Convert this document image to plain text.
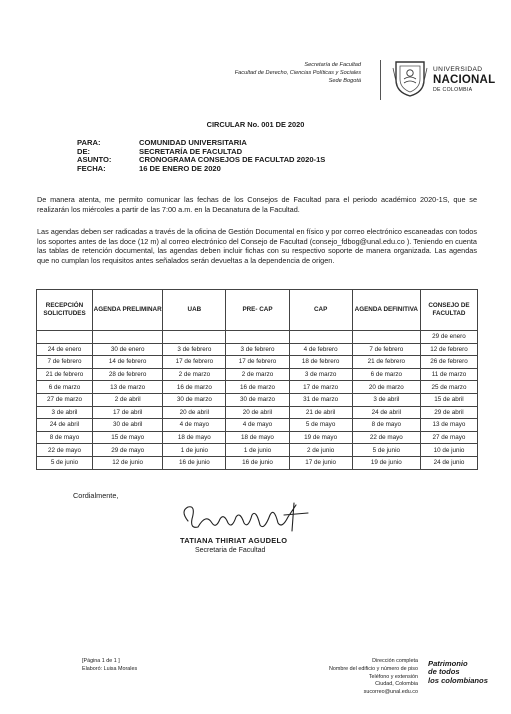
Secretaría de Facultad
Facultad de Derecho, Ciencias Políticas y Sociales
Sede Bogotá
UNIVERSIDAD
NACIONAL
DE COLOMBIA
CIRCULAR No. 001 DE 2020
PARA:	COMUNIDAD UNIVERSITARIA
DE:	SECRETARÍA DE FACULTAD
ASUNTO:	CRONOGRAMA CONSEJOS DE FACULTAD 2020-1S
FECHA:	16 DE ENERO DE 2020
De manera atenta, me permito comunicar las fechas de los Consejos de Facultad para el periodo académico 2020-1S, que se realizarán los miércoles a partir de las 7:00 a.m. en la Decanatura de la Facultad.
Las agendas deben ser radicadas a través de la oficina de Gestión Documental en físico y por correo electrónico escaneadas con todos los soportes antes de las doce (12 m) al correo electrónico del Consejo de Facultad (consejo_fdbog@unal.edu.co ). Teniendo en cuenta las tablas de retención documental, las agendas deben incluir fichas con su respectivo soporte de manera organizada. Las agendas que no cumplan los requisitos antes señalados serán devueltas a la dependencia de origen.
RECEPCIÓN SOLICITUDES	AGENDA PRELIMINAR	UAB	PRE- CAP	CAP	AGENDA DEFINITIVA	CONSEJO DE FACULTAD
						29 de enero
24 de enero	30 de enero	3 de febrero	3 de febrero	4 de febrero	7 de febrero	12 de febrero
7 de febrero	14 de febrero	17 de febrero	17 de febrero	18 de febrero	21 de febrero	26 de febrero
21 de febrero	28 de febrero	2 de marzo	2 de marzo	3 de marzo	6 de marzo	11 de marzo
6 de marzo	13 de marzo	16 de marzo	16 de marzo	17 de marzo	20 de marzo	25 de marzo
27 de marzo	2 de abril	30 de marzo	30 de marzo	31 de marzo	3 de abril	15 de abril
3 de abril	17 de abril	20 de abril	20 de abril	21 de abril	24 de abril	29 de abril
24 de abril	30 de abril	4 de mayo	4 de mayo	5 de mayo	8 de mayo	13 de mayo
8 de mayo	15 de mayo	18 de mayo	18 de mayo	19 de mayo	22 de mayo	27 de mayo
22 de mayo	29 de mayo	1 de junio	1 de junio	2 de junio	5 de junio	10 de junio
5 de junio	12 de junio	16 de junio	16 de junio	17 de junio	19 de junio	24 de junio
Cordialmente,
TATIANA THIRIAT AGUDELO
Secretaria de Facultad
[Página 1 de 1 ]
Elaboró: Luisa Morales
Dirección completa
Nombre del edificio y número de piso
Teléfono y extensión
Ciudad, Colombia
sucorreo@unal.edu.co
Patrimonio
de todos
los colombianos
